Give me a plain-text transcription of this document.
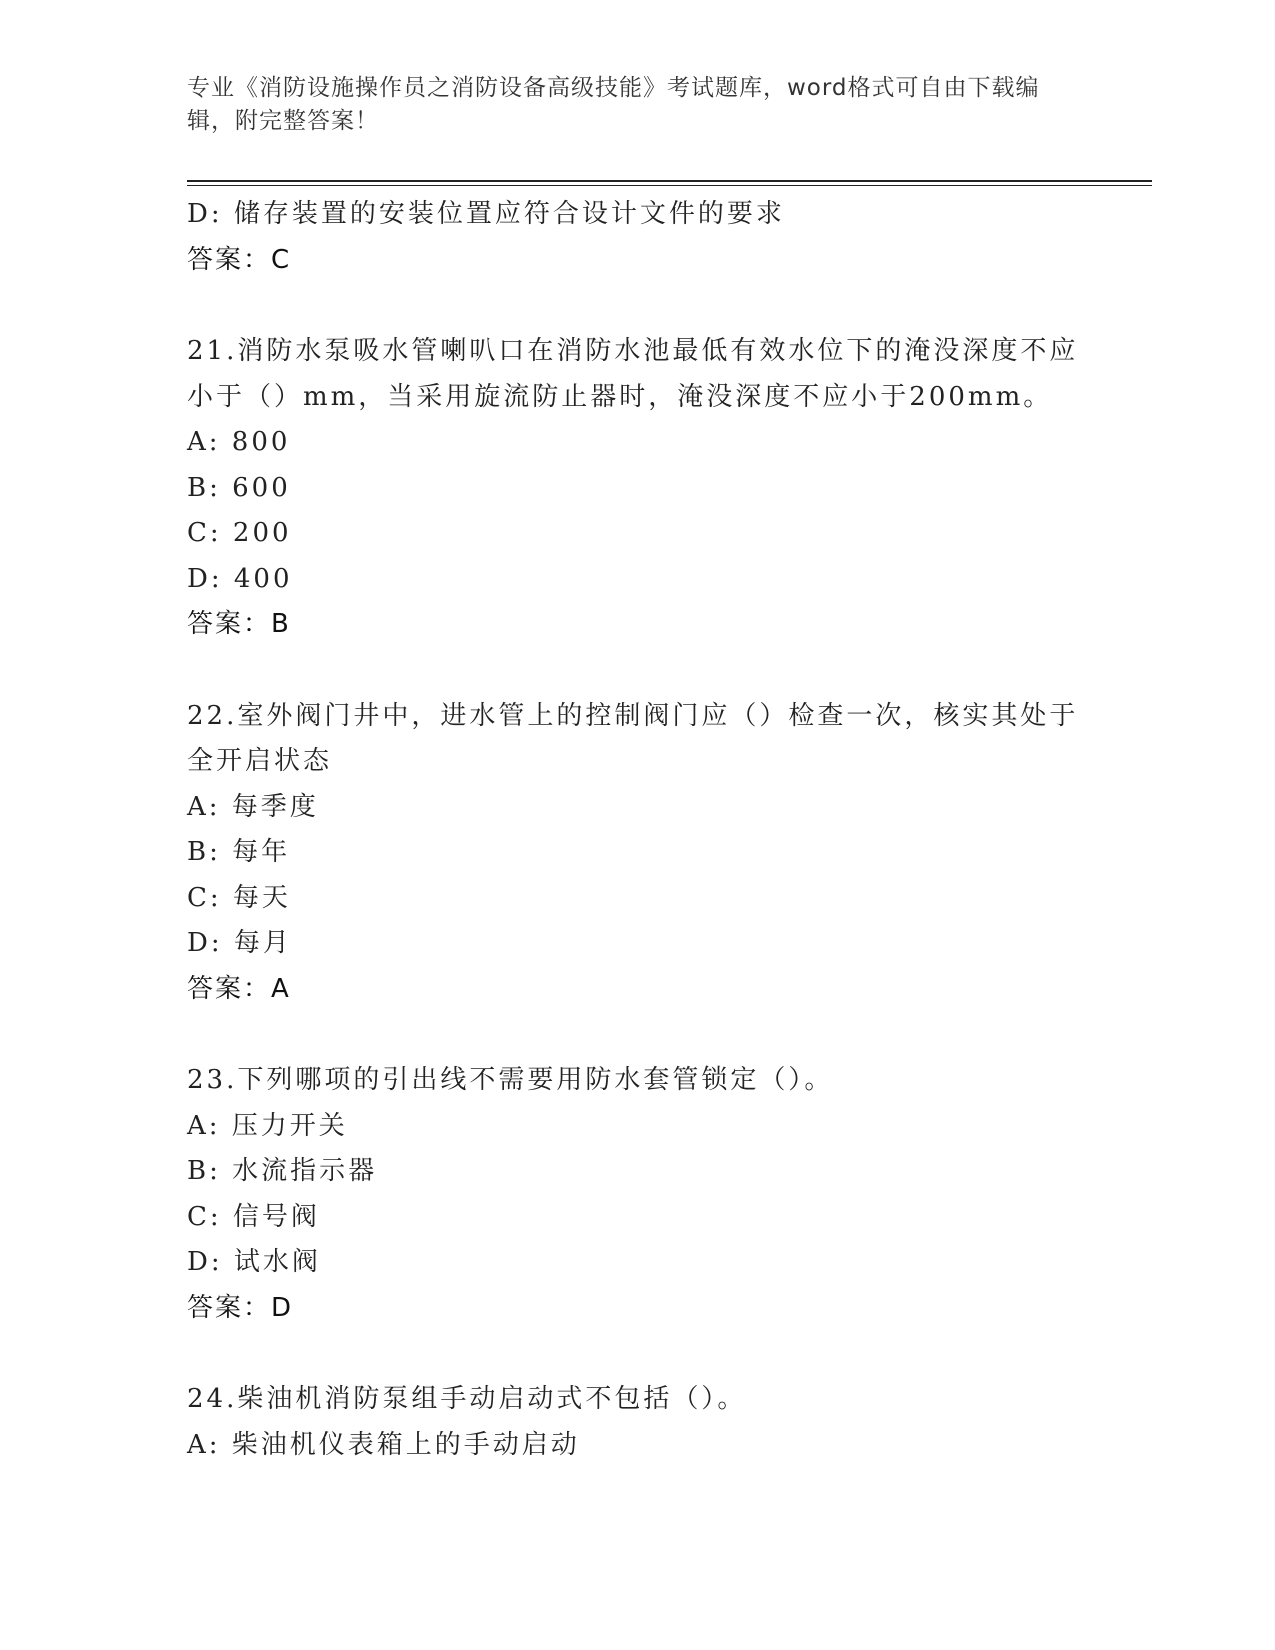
专业《消防设施操作员之消防设备高级技能》考试题库，word格式可自由下载编
辑，附完整答案！
D: 储存装置的安装位置应符合设计文件的要求
答案：C
21.消防水泵吸水管喇叭口在消防水池最低有效水位下的淹没深度不应
小于（）mm，当采用旋流防止器时，淹没深度不应小于200mm。
A: 800
B: 600
C: 200
D: 400
答案：B
22.室外阀门井中，进水管上的控制阀门应（）检查一次，核实其处于
全开启状态
A: 每季度
B: 每年
C: 每天
D: 每月
答案：A
23.下列哪项的引出线不需要用防水套管锁定（）。
A: 压力开关
B: 水流指示器
C: 信号阀
D: 试水阀
答案：D
24.柴油机消防泵组手动启动式不包括（）。
A: 柴油机仪表箱上的手动启动
